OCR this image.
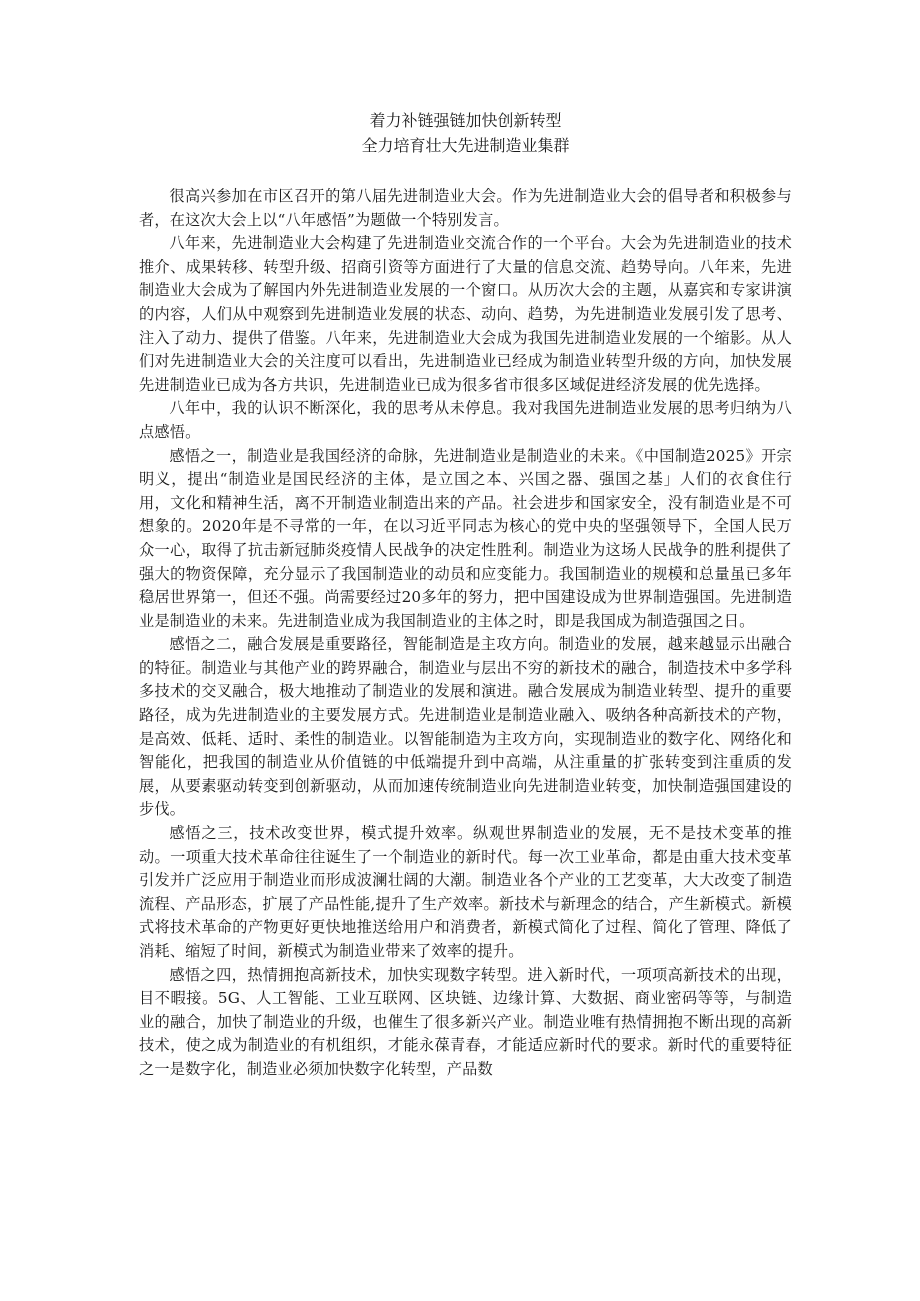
着力补链强链加快创新转型

全力培育壮大先进制造业集群

很高兴参加在市区召开的第八届先进制造业大会。作为先进制造业大会的倡导者和积极参与者，在这次大会上以“八年感悟”为题做一个特别发言。

八年来，先进制造业大会构建了先进制造业交流合作的一个平台。大会为先进制造业的技术推介、成果转移、转型升级、招商引资等方面进行了大量的信息交流、趋势导向。八年来，先进制造业大会成为了解国内外先进制造业发展的一个窗口。从历次大会的主题，从嘉宾和专家讲演的内容，人们从中观察到先进制造业发展的状态、动向、趋势，为先进制造业发展引发了思考、注入了动力、提供了借鉴。八年来，先进制造业大会成为我国先进制造业发展的一个缩影。从人们对先进制造业大会的关注度可以看出，先进制造业已经成为制造业转型升级的方向，加快发展先进制造业已成为各方共识，先进制造业已成为很多省市很多区域促进经济发展的优先选择。

八年中，我的认识不断深化，我的思考从未停息。我对我国先进制造业发展的思考归纳为八点感悟。

感悟之一，制造业是我国经济的命脉，先进制造业是制造业的未来。《中国制造2025》开宗明义，提出“制造业是国民经济的主体，是立国之本、兴国之器、强国之基」人们的衣食住行用，文化和精神生活，离不开制造业制造出来的产品。社会进步和国家安全，没有制造业是不可想象的。2020年是不寻常的一年，在以习近平同志为核心的党中央的坚强领导下，全国人民万众一心，取得了抗击新冠肺炎疫情人民战争的决定性胜利。制造业为这场人民战争的胜利提供了强大的物资保障，充分显示了我国制造业的动员和应变能力。我国制造业的规模和总量虽已多年稳居世界第一，但还不强。尚需要经过20多年的努力，把中国建设成为世界制造强国。先进制造业是制造业的未来。先进制造业成为我国制造业的主体之时，即是我国成为制造强国之日。

感悟之二，融合发展是重要路径，智能制造是主攻方向。制造业的发展，越来越显示出融合的特征。制造业与其他产业的跨界融合，制造业与层出不穷的新技术的融合，制造技术中多学科多技术的交叉融合，极大地推动了制造业的发展和演进。融合发展成为制造业转型、提升的重要路径，成为先进制造业的主要发展方式。先进制造业是制造业融入、吸纳各种高新技术的产物，是高效、低耗、适时、柔性的制造业。以智能制造为主攻方向，实现制造业的数字化、网络化和智能化，把我国的制造业从价值链的中低端提升到中高端，从注重量的扩张转变到注重质的发展，从要素驱动转变到创新驱动，从而加速传统制造业向先进制造业转变，加快制造强国建设的步伐。

感悟之三，技术改变世界，模式提升效率。纵观世界制造业的发展，无不是技术变革的推动。一项重大技术革命往往诞生了一个制造业的新时代。每一次工业革命，都是由重大技术变革引发并广泛应用于制造业而形成波澜壮阔的大潮。制造业各个产业的工艺变革，大大改变了制造流程、产品形态，扩展了产品性能,提升了生产效率。新技术与新理念的结合，产生新模式。新模式将技术革命的产物更好更快地推送给用户和消费者，新模式简化了过程、简化了管理、降低了消耗、缩短了时间，新模式为制造业带来了效率的提升。

感悟之四，热情拥抱高新技术，加快实现数字转型。进入新时代，一项项高新技术的出现，目不暇接。5G、人工智能、工业互联网、区块链、边缘计算、大数据、商业密码等等，与制造业的融合，加快了制造业的升级，也催生了很多新兴产业。制造业唯有热情拥抱不断出现的高新技术，使之成为制造业的有机组织，才能永葆青春，才能适应新时代的要求。新时代的重要特征之一是数字化，制造业必须加快数字化转型，产品数
